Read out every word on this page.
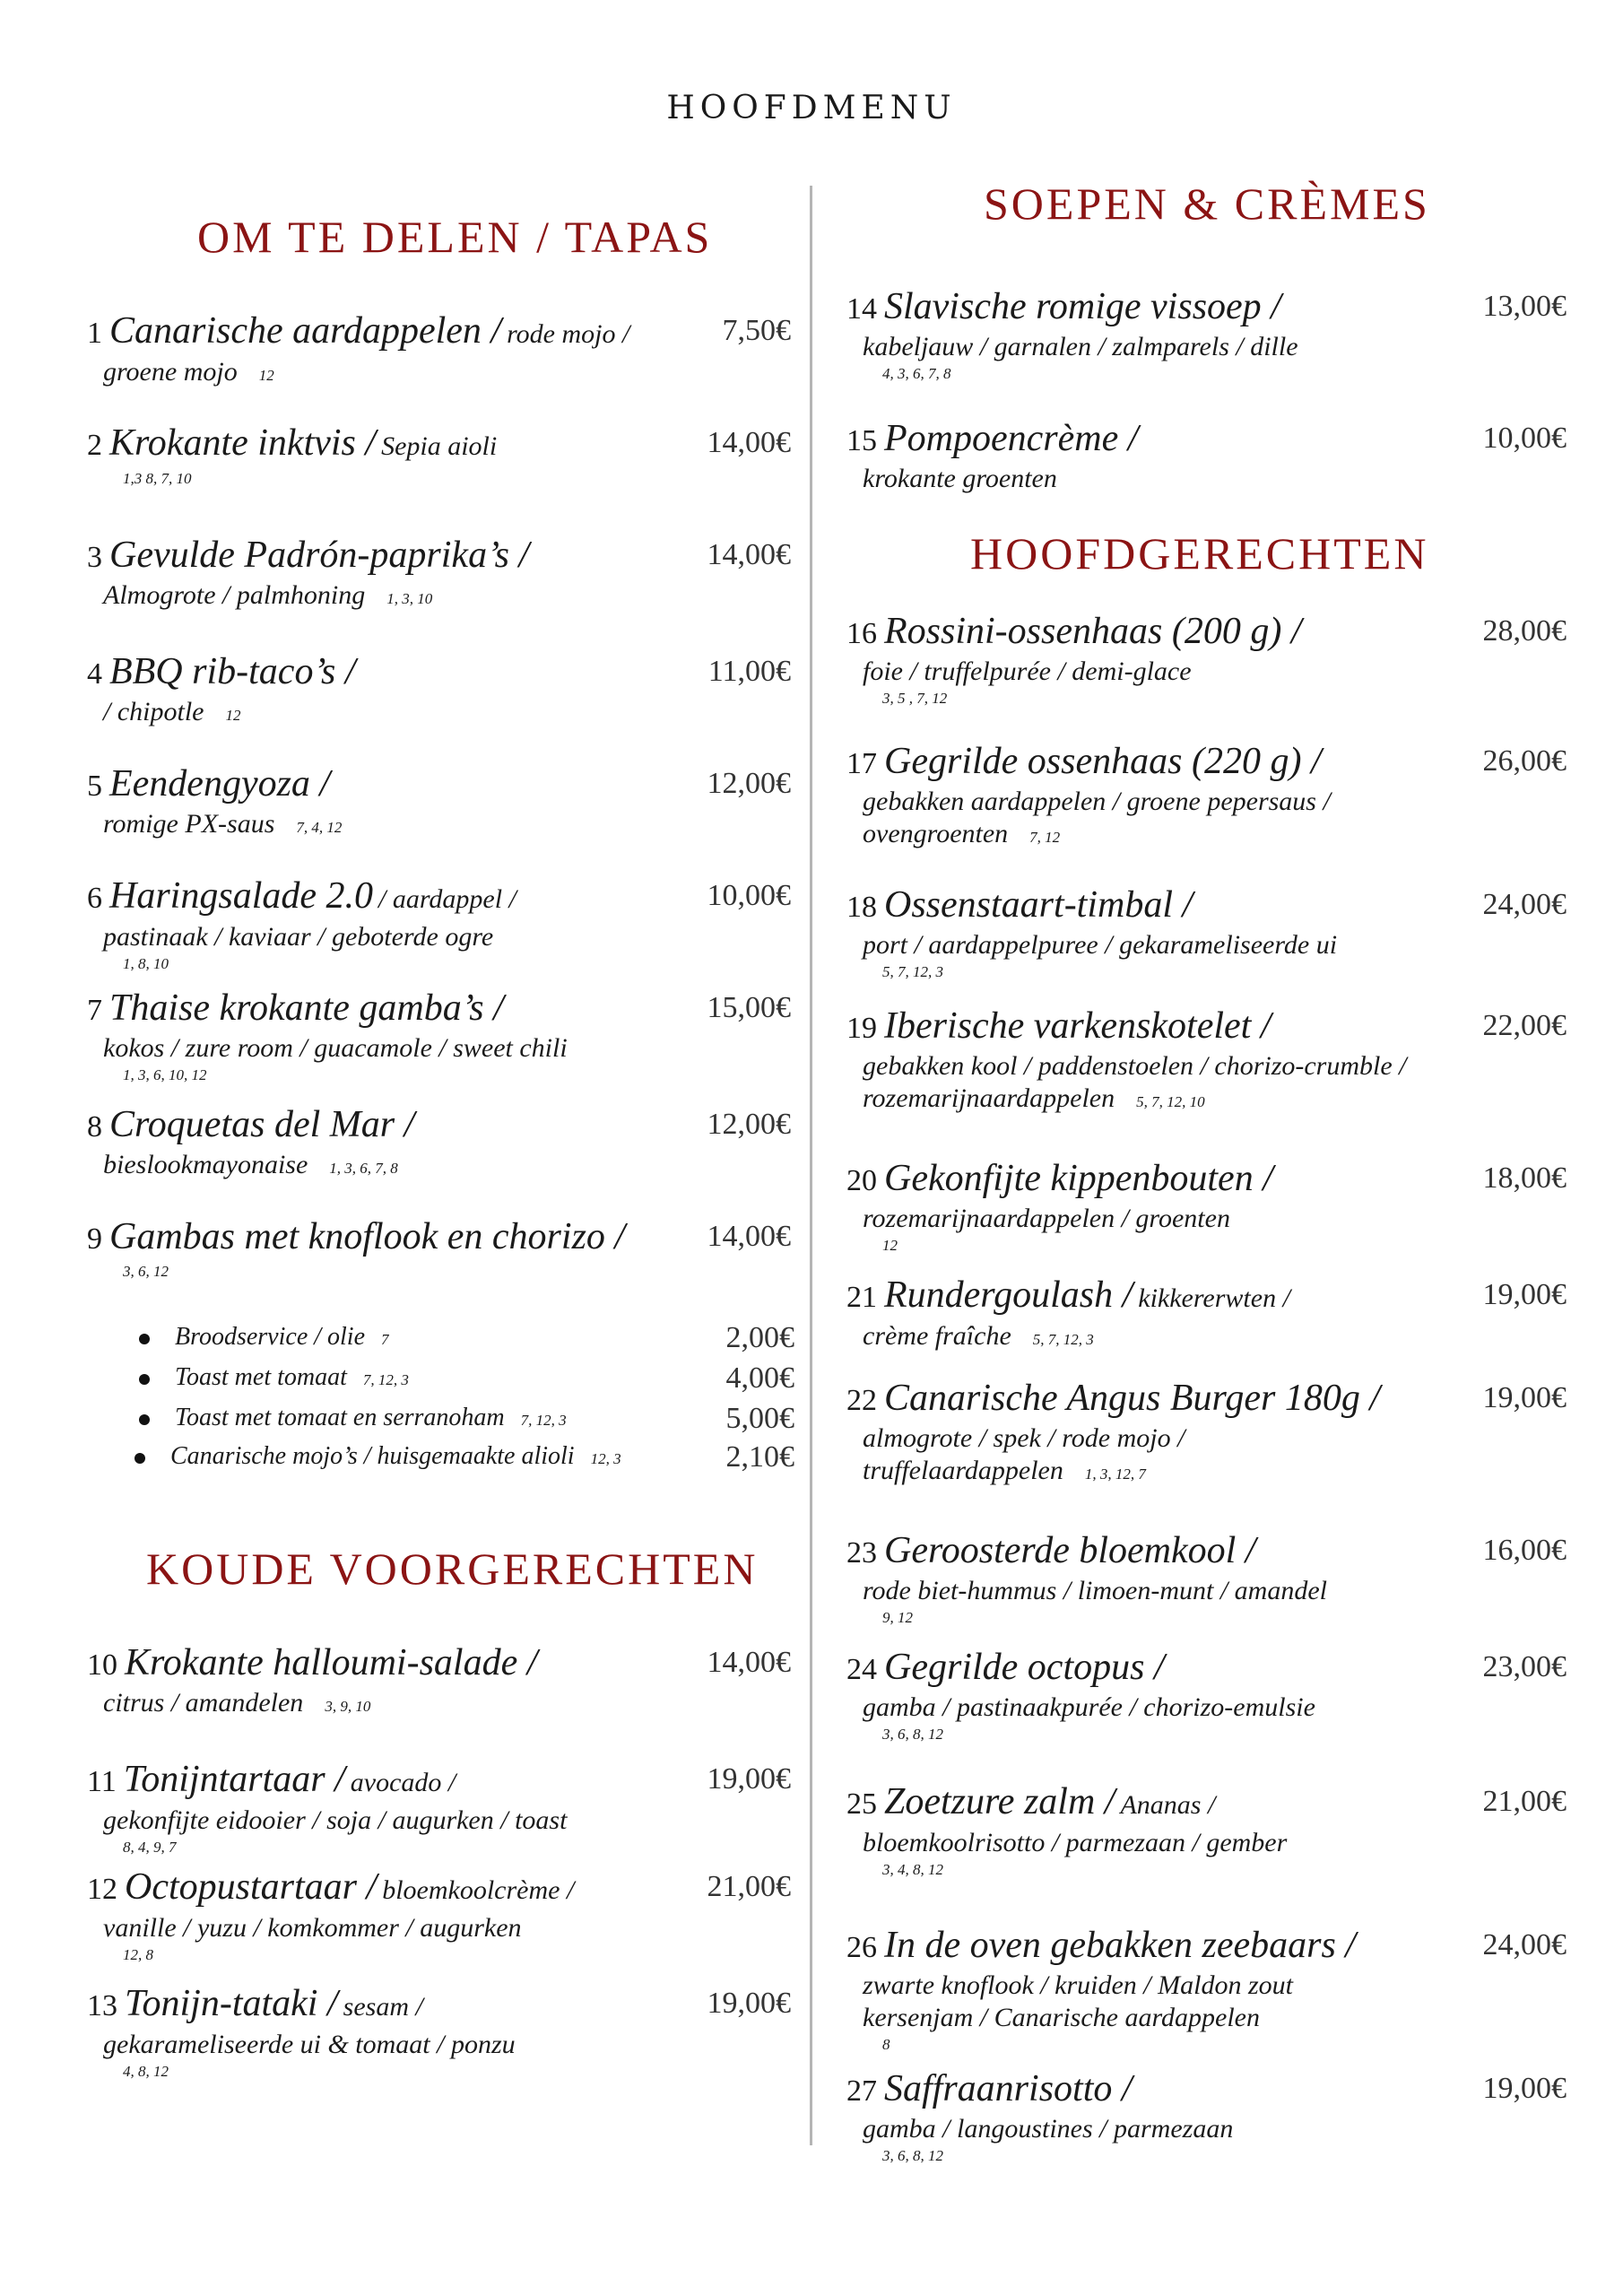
HOOFDMENU
OM TE DELEN / TAPAS
SOEPEN & CRÈMES
HOOFDGERECHTEN
KOUDE VOORGERECHTEN
1 Canarische aardappelen / rode mojo /
groene mojo 12
7,50€
2 Krokante inktvis / Sepia aioli
1,3 8, 7, 10
14,00€
3 Gevulde Padrón-paprika’s /
Almogrote / palmhoning 1, 3, 10
14,00€
4 BBQ rib-taco’s /
/ chipotle 12
11,00€
5 Eendengyoza /
romige PX-saus 7, 4, 12
12,00€
6 Haringsalade 2.0 / aardappel /
pastinaak / kaviaar / geboterde ogre
1, 8, 10
10,00€
7 Thaise krokante gamba’s /
kokos / zure room / guacamole / sweet chili
1, 3, 6, 10, 12
15,00€
8 Croquetas del Mar /
bieslookmayonaise 1, 3, 6, 7, 8
12,00€
9 Gambas met knoflook en chorizo /
3, 6, 12
14,00€
10 Krokante halloumi-salade /
citrus / amandelen 3, 9, 10
14,00€
11 Tonijntartaar / avocado /
gekonfijte eidooier / soja / augurken / toast
8, 4, 9, 7
19,00€
12 Octopustartaar / bloemkoolcrème /
vanille / yuzu / komkommer / augurken
12, 8
21,00€
13 Tonijn-tataki / sesam /
gekarameliseerde ui & tomaat / ponzu
4, 8, 12
19,00€
14 Slavische romige vissoep /
kabeljauw / garnalen / zalmparels / dille
4, 3, 6, 7, 8
13,00€
15 Pompoencrème /
krokante groenten
10,00€
16 Rossini-ossenhaas (200 g) /
foie / truffelpurée / demi-glace
3, 5 , 7, 12
28,00€
17 Gegrilde ossenhaas (220 g) /
gebakken aardappelen / groene pepersaus /
ovengroenten 7, 12
26,00€
18 Ossenstaart-timbal /
port / aardappelpuree / gekarameliseerde ui
5, 7, 12, 3
24,00€
19 Iberische varkenskotelet /
gebakken kool / paddenstoelen / chorizo-crumble /
rozemarijnaardappelen 5, 7, 12, 10
22,00€
20 Gekonfijte kippenbouten /
rozemarijnaardappelen / groenten
12
18,00€
21 Rundergoulash / kikkererwten /
crème fraîche 5, 7, 12, 3
19,00€
22 Canarische Angus Burger 180g /
almogrote / spek / rode mojo /
truffelaardappelen 1, 3, 12, 7
19,00€
23 Geroosterde bloemkool /
rode biet-hummus / limoen-munt / amandel
9, 12
16,00€
24 Gegrilde octopus /
gamba / pastinaakpurée / chorizo-emulsie
3, 6, 8, 12
23,00€
25 Zoetzure zalm / Ananas /
bloemkoolrisotto / parmezaan / gember
3, 4, 8, 12
21,00€
26 In de oven gebakken zeebaars /
zwarte knoflook / kruiden / Maldon zout
kersenjam / Canarische aardappelen
8
24,00€
27 Saffraanrisotto /
gamba / langoustines / parmezaan
3, 6, 8, 12
19,00€
Broodservice / olie 7	2,00€
Toast met tomaat 7, 12, 3	4,00€
Toast met tomaat en serranoham 7, 12, 3	5,00€
Canarische mojo’s / huisgemaakte alioli 12, 3	2,10€
